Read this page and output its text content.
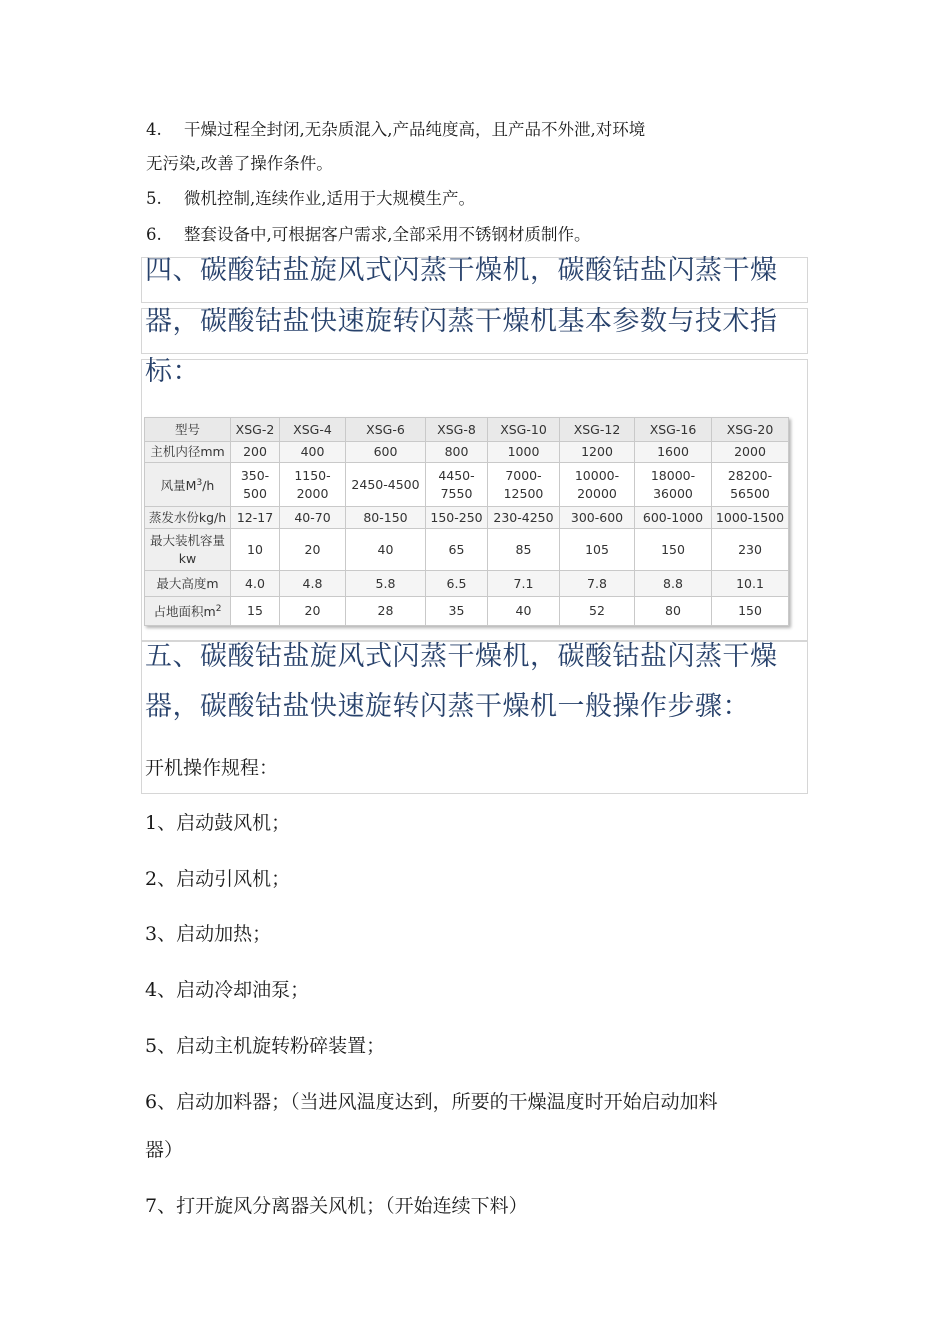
4. 干燥过程全封闭,无杂质混入,产品纯度高，且产品不外泄,对环境
无污染,改善了操作条件。
5. 微机控制,连续作业,适用于大规模生产。
6. 整套设备中,可根据客户需求,全部采用不锈钢材质制作。
四、碳酸钴盐旋风式闪蒸干燥机，碳酸钴盐闪蒸干燥
器，碳酸钴盐快速旋转闪蒸干燥机基本参数与技术指
标：
型号	XSG-2	XSG-4	XSG-6	XSG-8	XSG-10	XSG-12	XSG-16	XSG-20
主机内径mm	200	400	600	800	1000	1200	1600	2000
风量$M^3/h$	350-500	1150-2000	2450-4500	4450-7550	7000-12500	10000-20000	18000-36000	28200-56500
蒸发水份kg/h	12-17	40-70	80-150	150-250	230-4250	300-600	600-1000	1000-1500
最大装机容量kw	10	20	40	65	85	105	150	230
最大高度m	4.0	4.8	5.8	6.5	7.1	7.8	8.8	10.1
占地面积$m^2$	15	20	28	35	40	52	80	150
五、碳酸钴盐旋风式闪蒸干燥机，碳酸钴盐闪蒸干燥
器，碳酸钴盐快速旋转闪蒸干燥机一般操作步骤：
开机操作规程：
1、启动鼓风机；
2、启动引风机；
3、启动加热；
4、启动冷却油泵；
5、启动主机旋转粉碎装置；
6、启动加料器；（当进风温度达到，所要的干燥温度时开始启动加料
器）
7、打开旋风分离器关风机；（开始连续下料）
